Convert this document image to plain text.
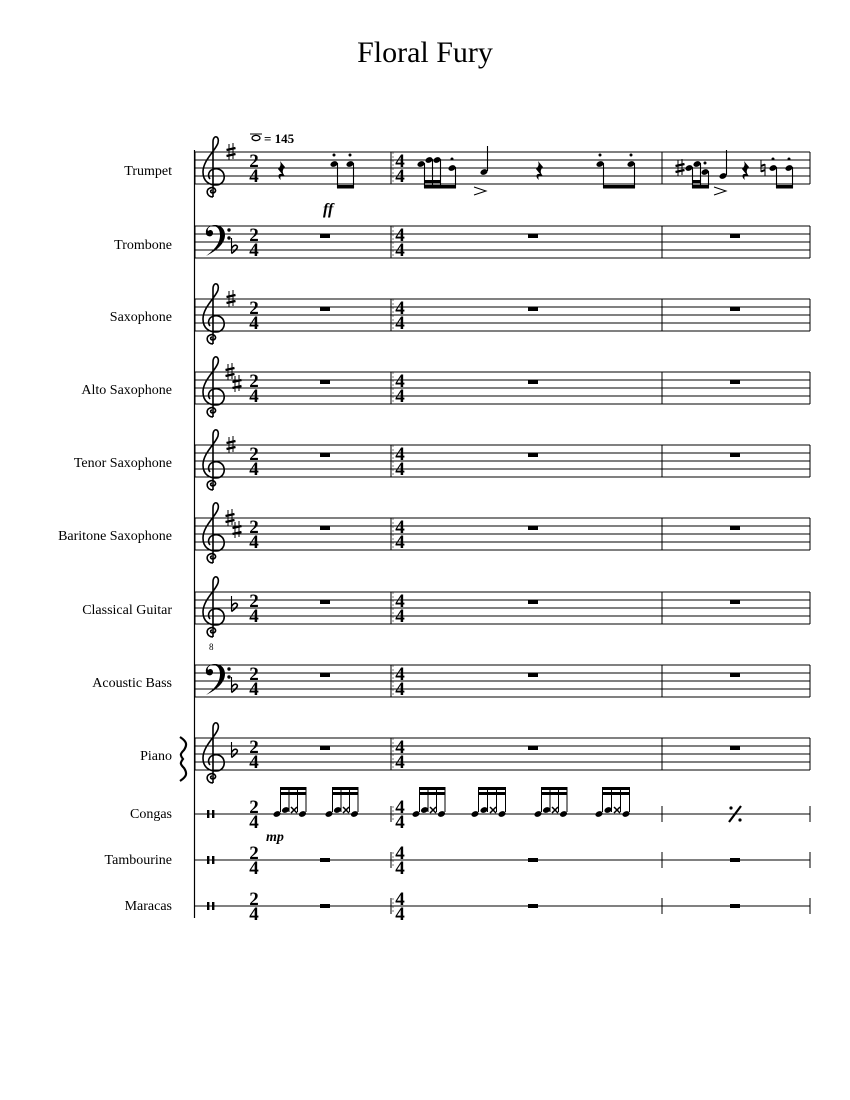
Floral Fury
= 145
Trumpet
Trombone
Saxophone
Alto Saxophone
Tenor Saxophone
Baritone Saxophone
Classical Guitar
Acoustic Bass
Piano
Congas
Tambourine
Maracas
2
4
4
4
2
4
4
4
2
4
4
4
2
4
4
4
2
4
4
4
2
4
4
4
8
2
4
4
4
2
4
4
4
2
4
4
4
2
4
4
4
2
4
4
4
2
4
4
4
ff
mp
